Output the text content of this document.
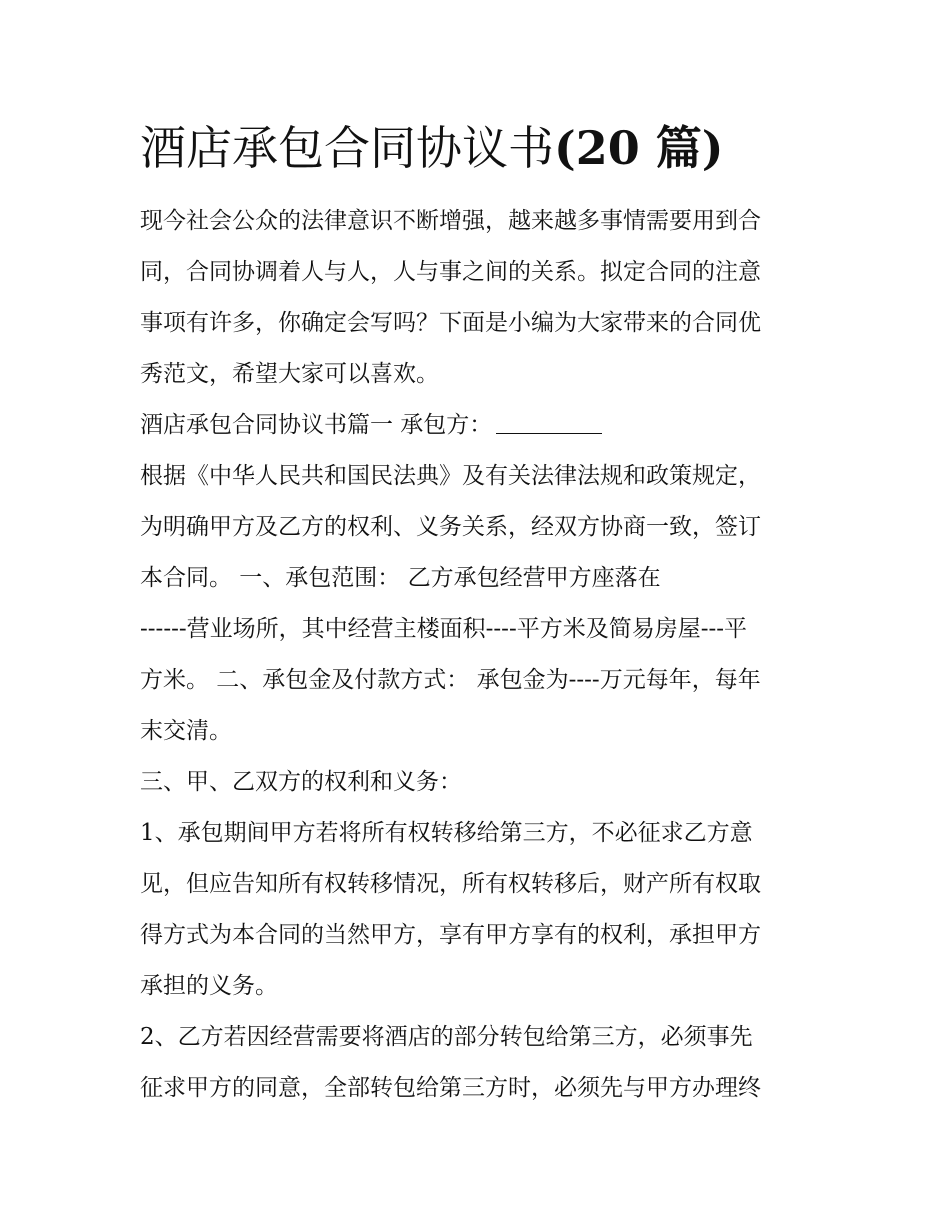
酒店承包合同协议书(20 篇)
现今社会公众的法律意识不断增强，越来越多事情需要用到合
同，合同协调着人与人，人与事之间的关系。拟定合同的注意
事项有许多，你确定会写吗？下面是小编为大家带来的合同优
秀范文，希望大家可以喜欢。
酒店承包合同协议书篇一 承包方：
根据《中华人民共和国民法典》及有关法律法规和政策规定，
为明确甲方及乙方的权利、义务关系，经双方协商一致，签订
本合同。 一、承包范围： 乙方承包经营甲方座落在
------营业场所，其中经营主楼面积----平方米及简易房屋---平
方米。 二、承包金及付款方式： 承包金为----万元每年，每年
末交清。
三、甲、乙双方的权利和义务：
1、承包期间甲方若将所有权转移给第三方，不必征求乙方意
见，但应告知所有权转移情况，所有权转移后，财产所有权取
得方式为本合同的当然甲方，享有甲方享有的权利，承担甲方
承担的义务。
2、乙方若因经营需要将酒店的部分转包给第三方，必须事先
征求甲方的同意，全部转包给第三方时，必须先与甲方办理终
